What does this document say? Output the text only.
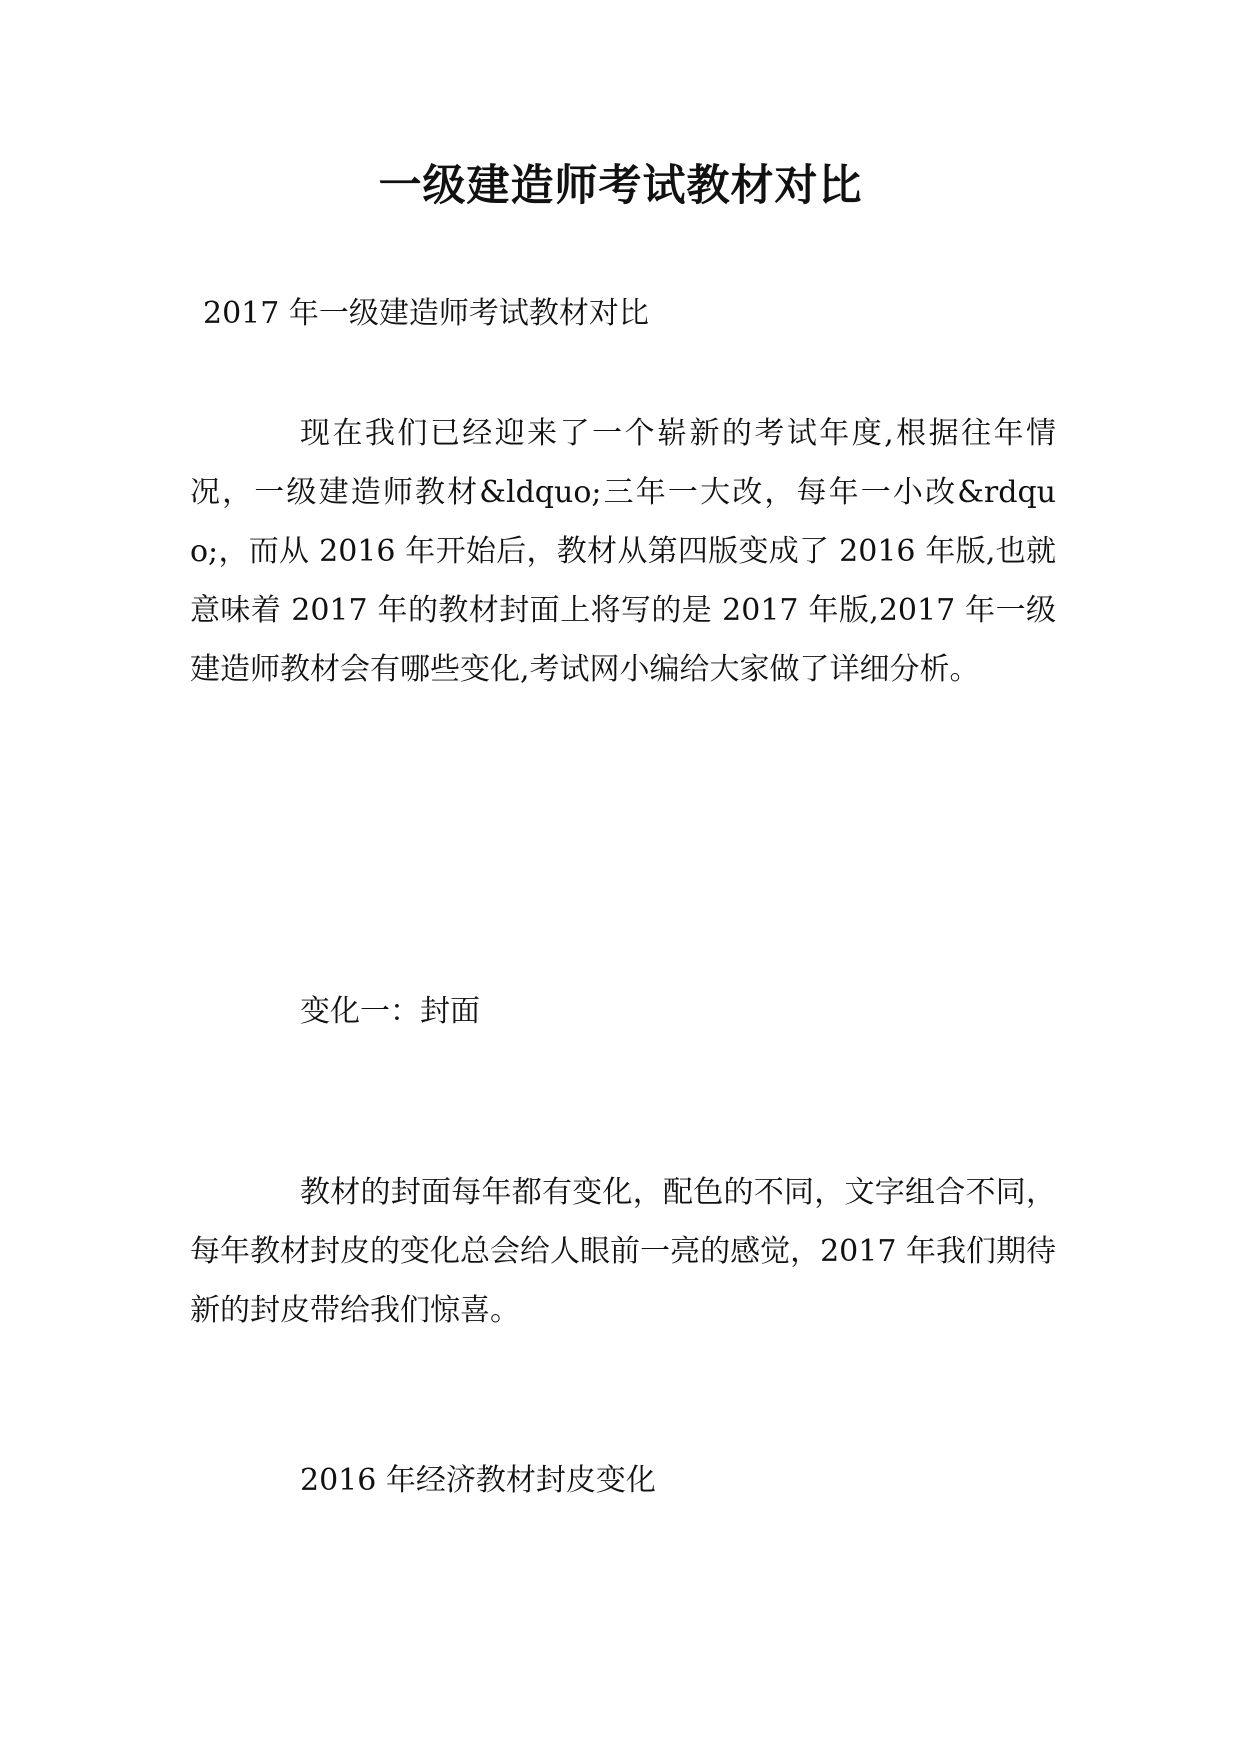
一级建造师考试教材对比
2017 年一级建造师考试教材对比
现在我们已经迎来了一个崭新的考试年度,根据往年情况，一级建造师教材&ldquo;三年一大改，每年一小改&rdquo;，而从 2016 年开始后，教材从第四版变成了 2016 年版,也就意味着 2017 年的教材封面上将写的是 2017 年版,2017 年一级建造师教材会有哪些变化,考试网小编给大家做了详细分析。
变化一：封面
教材的封面每年都有变化，配色的不同，文字组合不同，每年教材封皮的变化总会给人眼前一亮的感觉，2017 年我们期待新的封皮带给我们惊喜。
2016 年经济教材封皮变化
